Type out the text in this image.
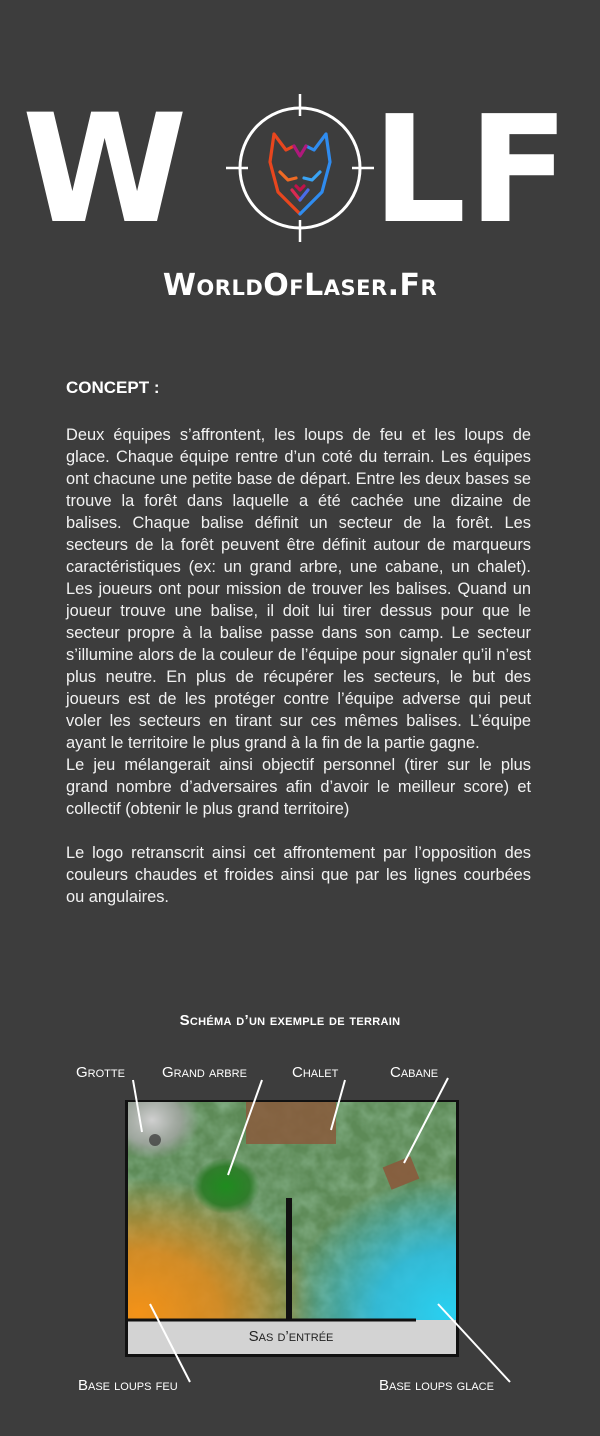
W L F
WorldOfLaser.Fr
CONCEPT :

Deux équipes s’affrontent, les loups de feu et les loups de glace. Chaque équipe rentre d’un coté du terrain. Les équipes ont chacune une petite base de départ. Entre les deux bases se trouve la forêt dans laquelle a été cachée une dizaine de balises. Chaque balise définit un secteur de la forêt. Les secteurs de la forêt peuvent être définit autour de marqueurs caractéristiques (ex: un grand arbre, une cabane, un chalet). Les joueurs ont pour mission de trouver les balises. Quand un joueur trouve une balise, il doit lui tirer dessus pour que le secteur propre à la balise passe dans son camp. Le secteur s’illumine alors de la couleur de l’équipe pour signaler qu’il n’est plus neutre. En plus de récupérer les secteurs, le but des joueurs est de les protéger contre l’équipe adverse qui peut voler les secteurs en tirant sur ces mêmes balises. L’équipe ayant le territoire le plus grand à la fin de la partie gagne.

Le jeu mélangerait ainsi objectif personnel (tirer sur le plus grand nombre d’adversaires afin d’avoir le meilleur score) et collectif (obtenir le plus grand territoire)

Le logo retranscrit ainsi cet affrontement par l’opposition des couleurs chaudes et froides ainsi que par les lignes courbées ou angulaires.

Schéma d’un exemple de terrain
Grotte Grand arbre	Chalet	Cabane
Sas d’entrée
Base loups feu	Base loups glace
